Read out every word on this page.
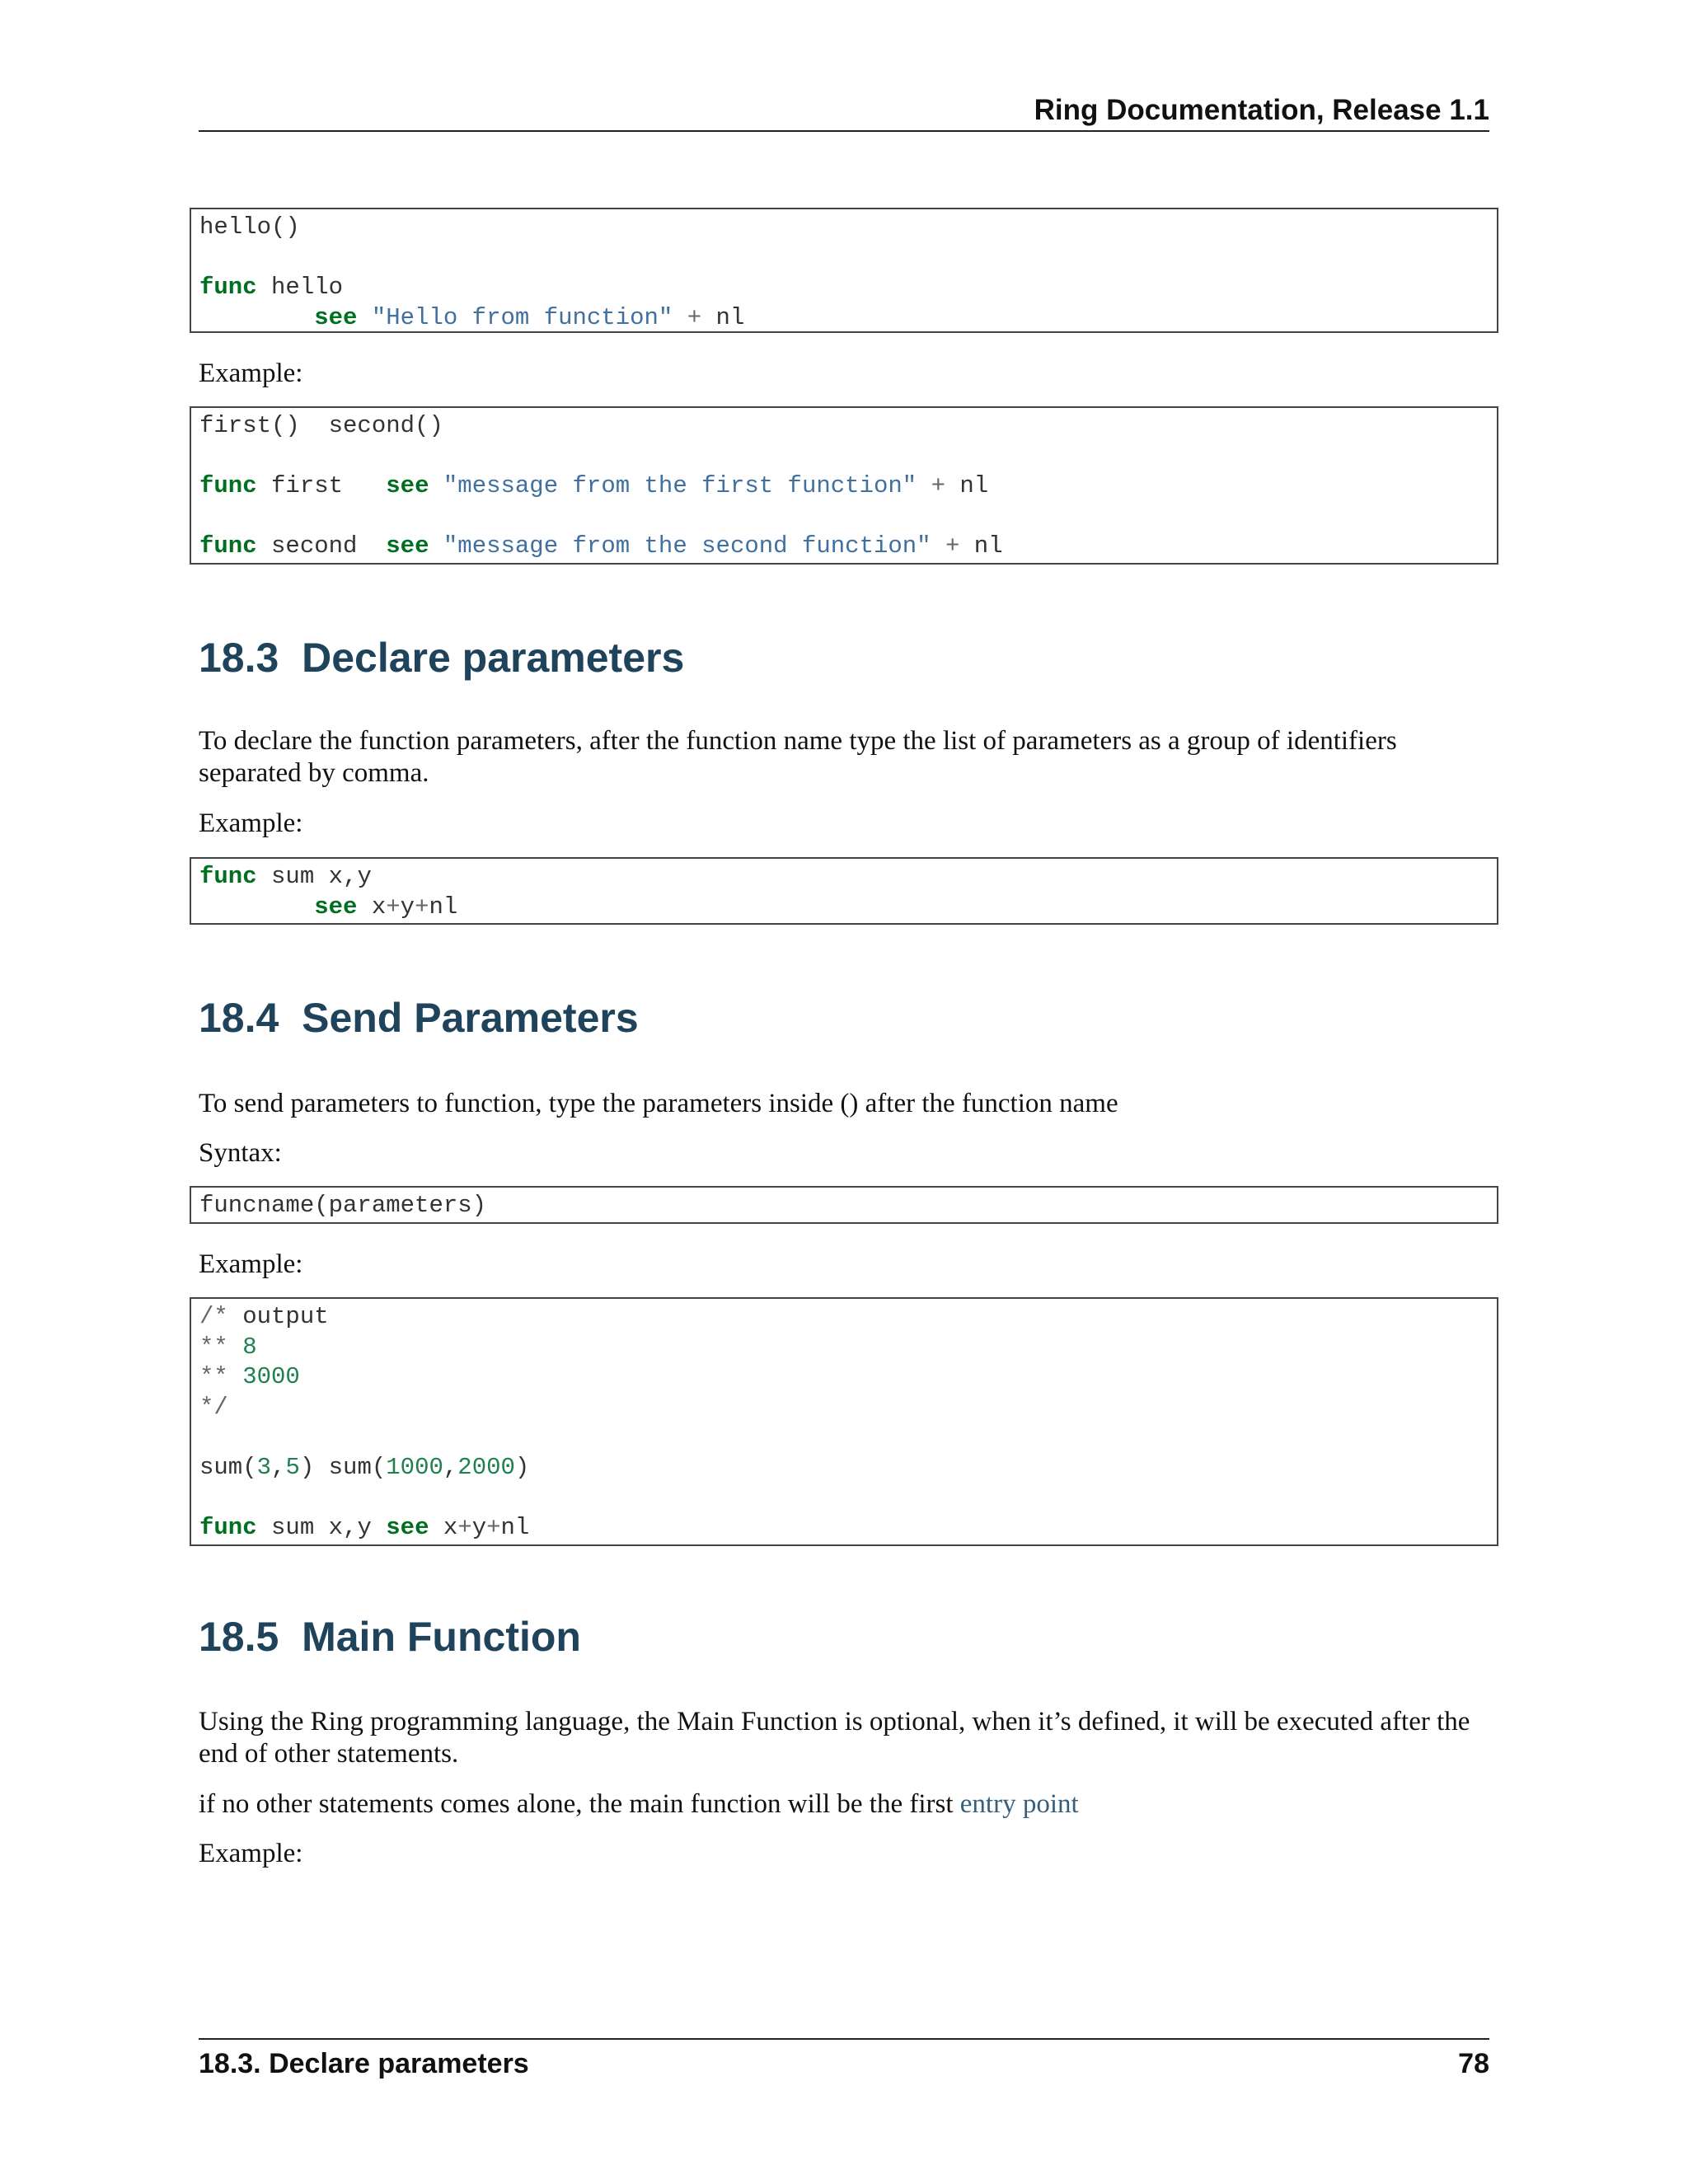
Ring Documentation, Release 1.1
hello()

func hello
see "Hello from function" + nl
Example:
first()  second()

func first   see "message from the first function" + nl

func second  see "message from the second function" + nl
18.3  Declare parameters
To declare the function parameters, after the function name type the list of parameters as a group of identifiers separated by comma.
Example:
func sum x,y
see x+y+nl
18.4  Send Parameters
To send parameters to function, type the parameters inside () after the function name
Syntax:
funcname(parameters)
Example:
/* output
** 8
** 3000
*/

sum(3,5) sum(1000,2000)

func sum x,y see x+y+nl
18.5  Main Function
Using the Ring programming language, the Main Function is optional, when it’s defined, it will be executed after the end of other statements.
if no other statements comes alone, the main function will be the first entry point
Example:
18.3. Declare parameters	78
